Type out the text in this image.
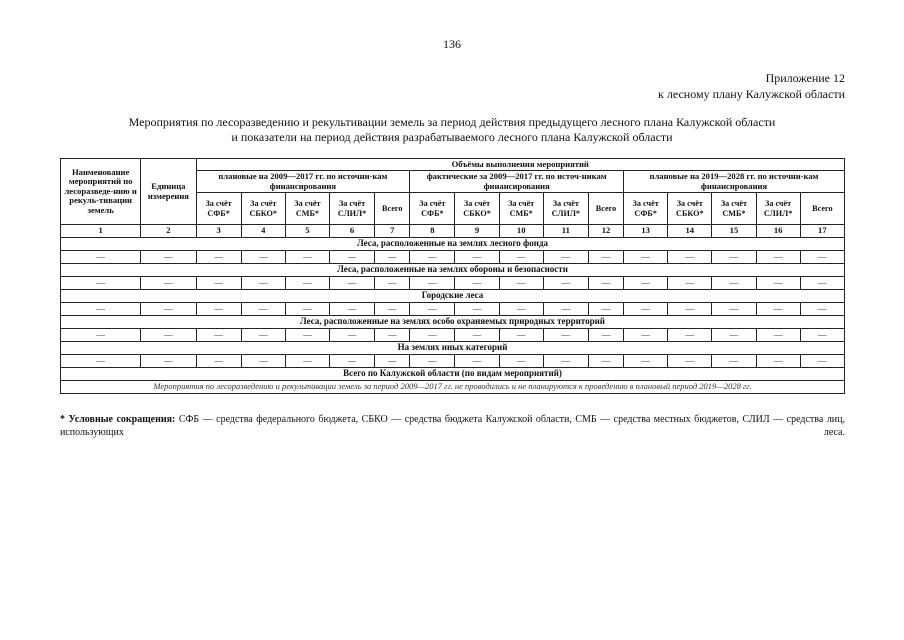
136
Приложение 12
к лесному плану Калужской области
Мероприятия по лесоразведению и рекультивации земель за период действия предыдущего лесного плана Калужской области
и показатели на период действия разрабатываемого лесного плана Калужской области
Наименование мероприятий по лесоразведе-нию и рекуль-тивации земель	Единица измерения	Объёмы выполнения мероприятий														
		плановые на 2009—2017 гг. по источни-кам финансирования					фактические за 2009—2017 гг. по источ-никам финансирования					плановые на 2019—2028 гг. по источни-кам финансирования				
		За счёт СФБ*	За счёт СБКО*	За счёт СМБ*	За счёт СЛИЛ*	Всего	За счёт СФБ*	За счёт СБКО*	За счёт СМБ*	За счёт СЛИЛ*	Всего	За счёт СФБ*	За счёт СБКО*	За счёт СМБ*	За счёт СЛИЛ*	Всего
1	2	3	4	5	6	7	8	9	10	11	12	13	14	15	16	17
Леса, расположенные на землях лесного фонда																
—	—	—	—	—	—	—	—	—	—	—	—	—	—	—	—	—
Леса, расположенные на землях обороны и безопасности																
—	—	—	—	—	—	—	—	—	—	—	—	—	—	—	—	—
Городские леса																
—	—	—	—	—	—	—	—	—	—	—	—	—	—	—	—	—
Леса, расположенные на землях особо охраняемых природных территорий																
—	—	—	—	—	—	—	—	—	—	—	—	—	—	—	—	—
На землях иных категорий																
—	—	—	—	—	—	—	—	—	—	—	—	—	—	—	—	—
Всего по Калужской области (по видам мероприятий)																
Мероприятия по лесоразведению и рекультивации земель за период 2009—2017 гг. не проводились и не планируются к проведению в плановый период 2019—2028 гг.																
* Условные сокращения: СФБ — средства федерального бюджета, СБКО — средства бюджета Калужской области, СМБ — средства местных бюджетов, СЛИЛ — средства лиц, использующих леса.
